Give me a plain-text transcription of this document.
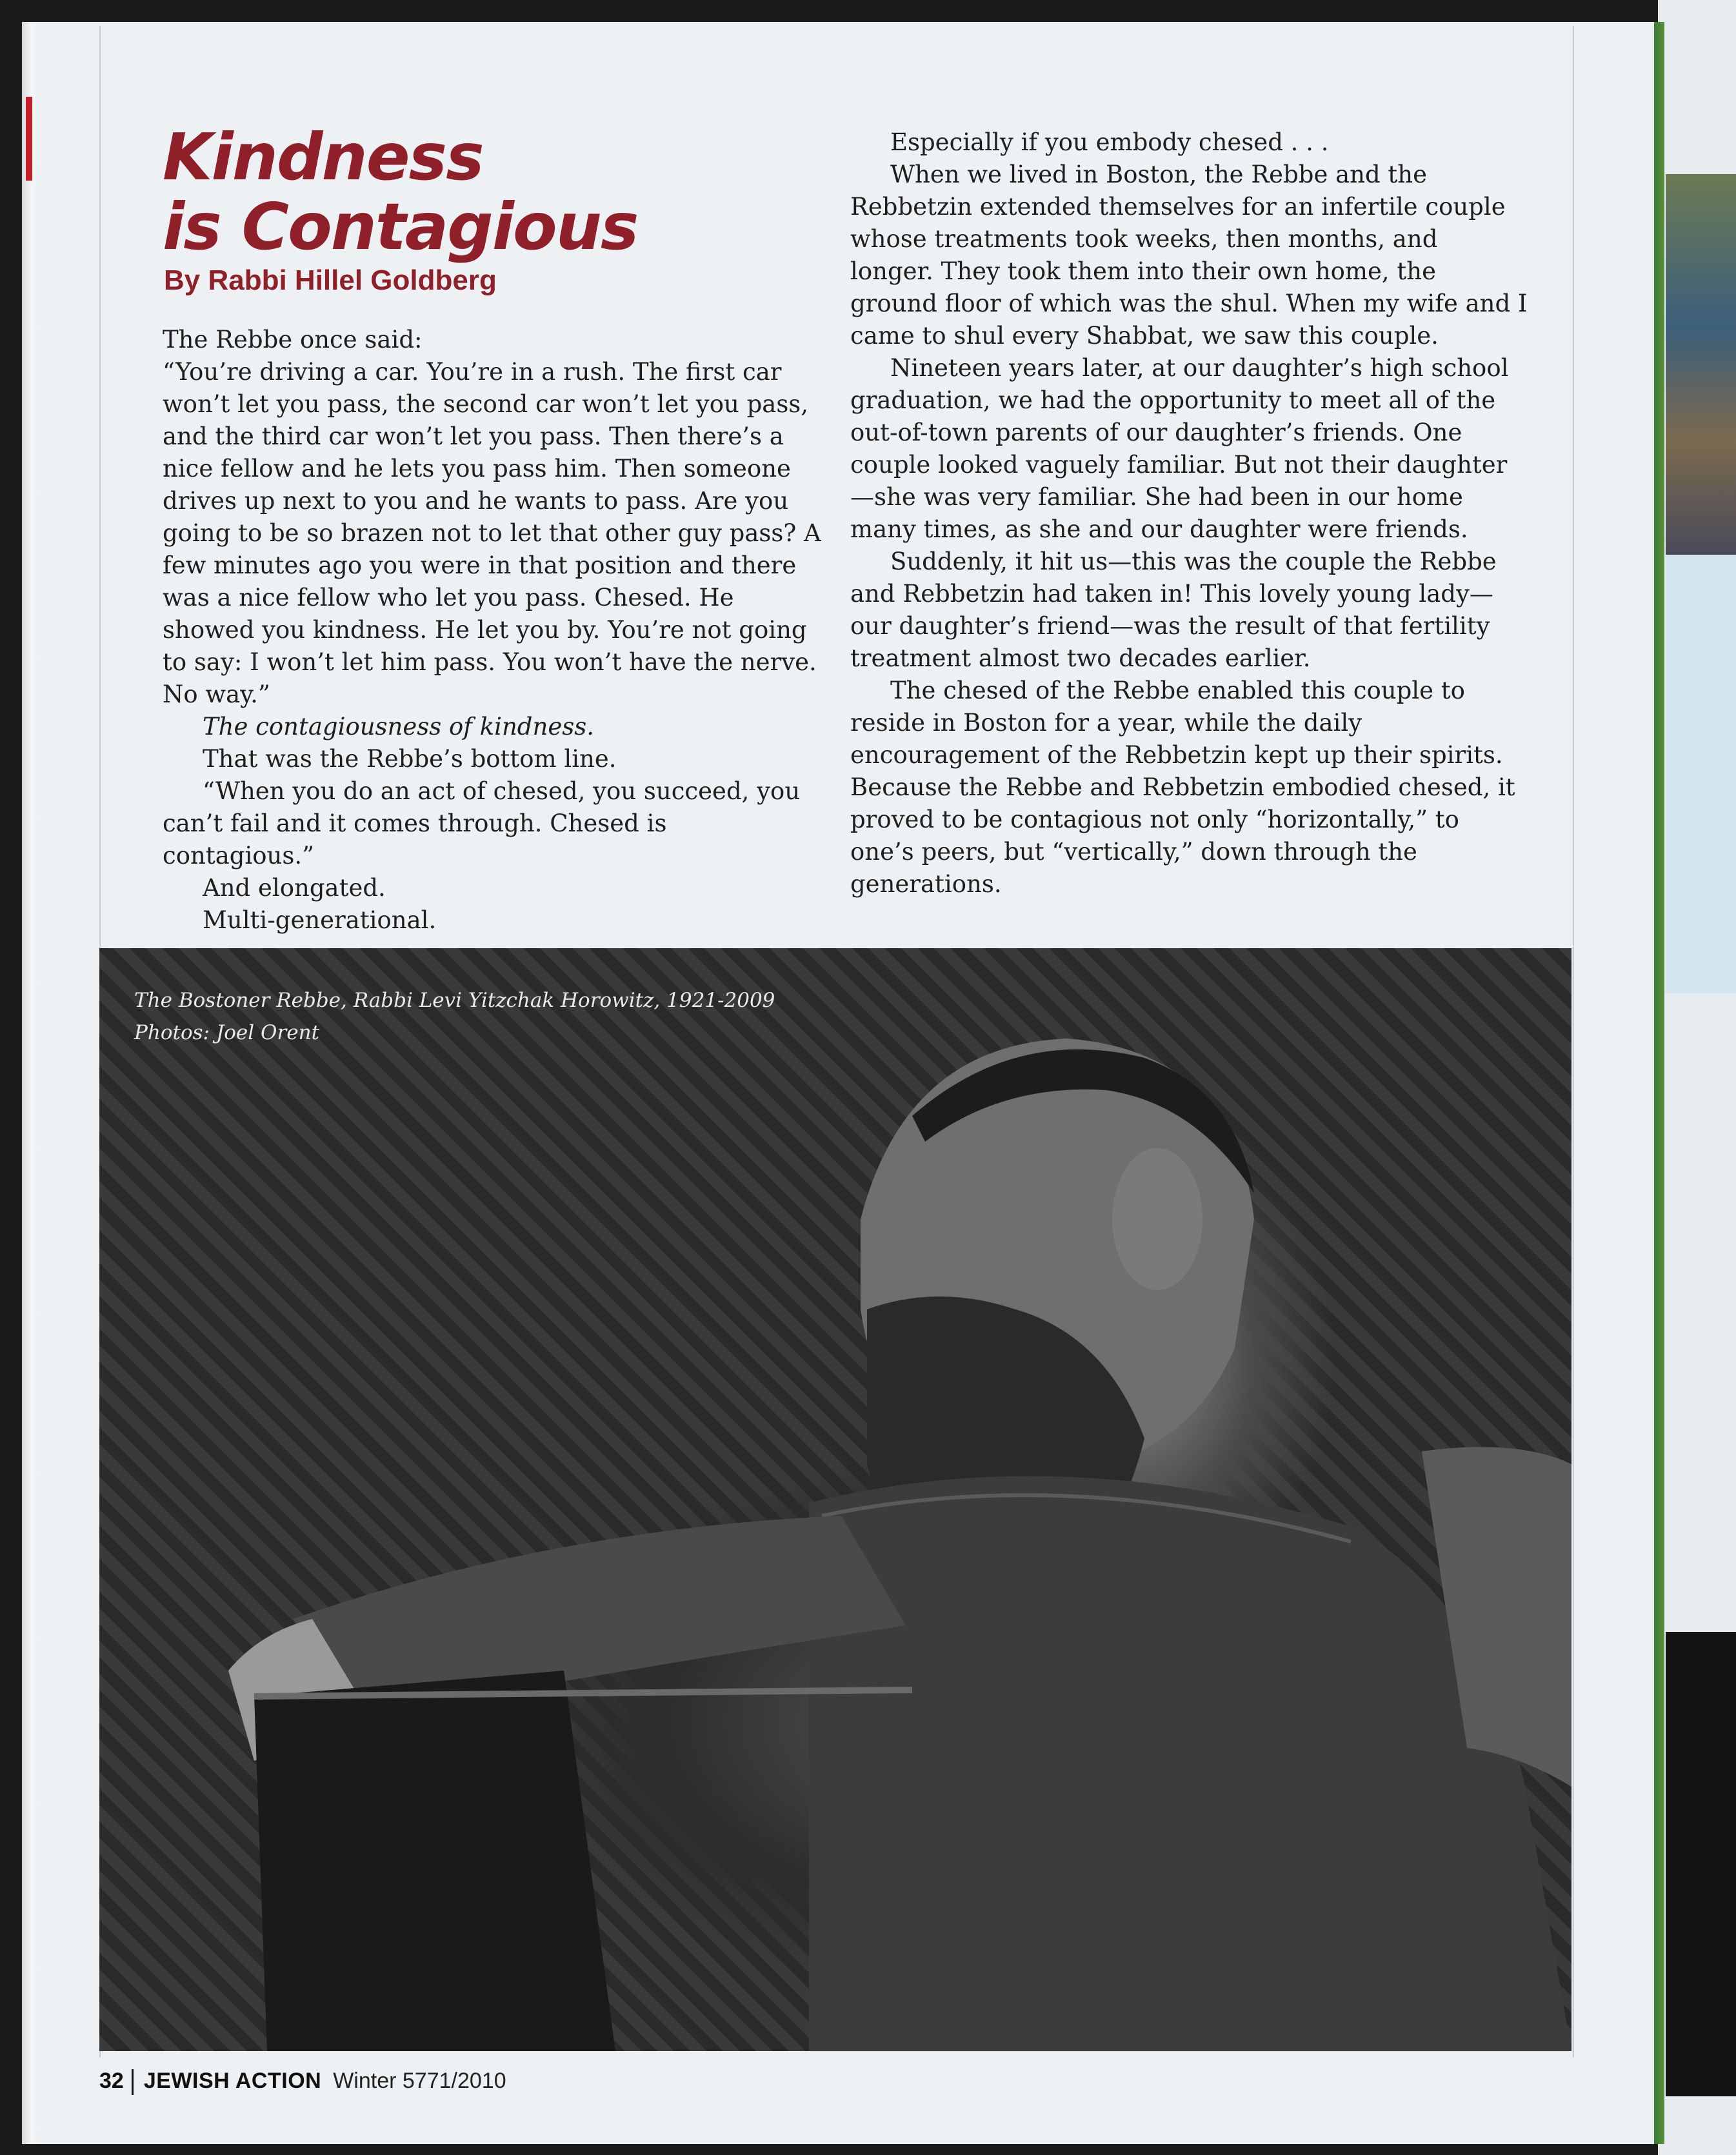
Kindness
is Contagious
By Rabbi Hillel Goldberg

The Rebbe once said:

“You’re driving a car. You’re in a rush. The first car won’t let you pass, the second car won’t let you pass, and the third car won’t let you pass. Then there’s a nice fellow and he lets you pass him. Then someone drives up next to you and he wants to pass. Are you going to be so brazen not to let that other guy pass? A few minutes ago you were in that position and there was a nice fellow who let you pass. Chesed. He showed you kindness. He let you by. You’re not going to say: I won’t let him pass. You won’t have the nerve. No way.”

The contagiousness of kindness.

That was the Rebbe’s bottom line.

“When you do an act of chesed, you succeed, you can’t fail and it comes through. Chesed is contagious.”

And elongated.

Multi-generational.

Especially if you embody chesed . . .

When we lived in Boston, the Rebbe and the Rebbetzin extended themselves for an infertile couple whose treatments took weeks, then months, and longer. They took them into their own home, the ground floor of which was the shul. When my wife and I came to shul every Shabbat, we saw this couple.

Nineteen years later, at our daughter’s high school graduation, we had the opportunity to meet all of the out-of-town parents of our daughter’s friends. One couple looked vaguely familiar. But not their daughter—she was very familiar. She had been in our home many times, as she and our daughter were friends.

Suddenly, it hit us—this was the couple the Rebbe and Rebbetzin had taken in! This lovely young lady—our daughter’s friend—was the result of that fertility treatment almost two decades earlier.

The chesed of the Rebbe enabled this couple to reside in Boston for a year, while the daily encouragement of the Rebbetzin kept up their spirits. Because the Rebbe and Rebbetzin embodied chesed, it proved to be contagious not only “horizontally,” to one’s peers, but “vertically,” down through the generations.

The Bostoner Rebbe, Rabbi Levi Yitzchak Horowitz, 1921-2009
Photos: Joel Orent
32 JEWISH ACTION Winter 5771/2010
